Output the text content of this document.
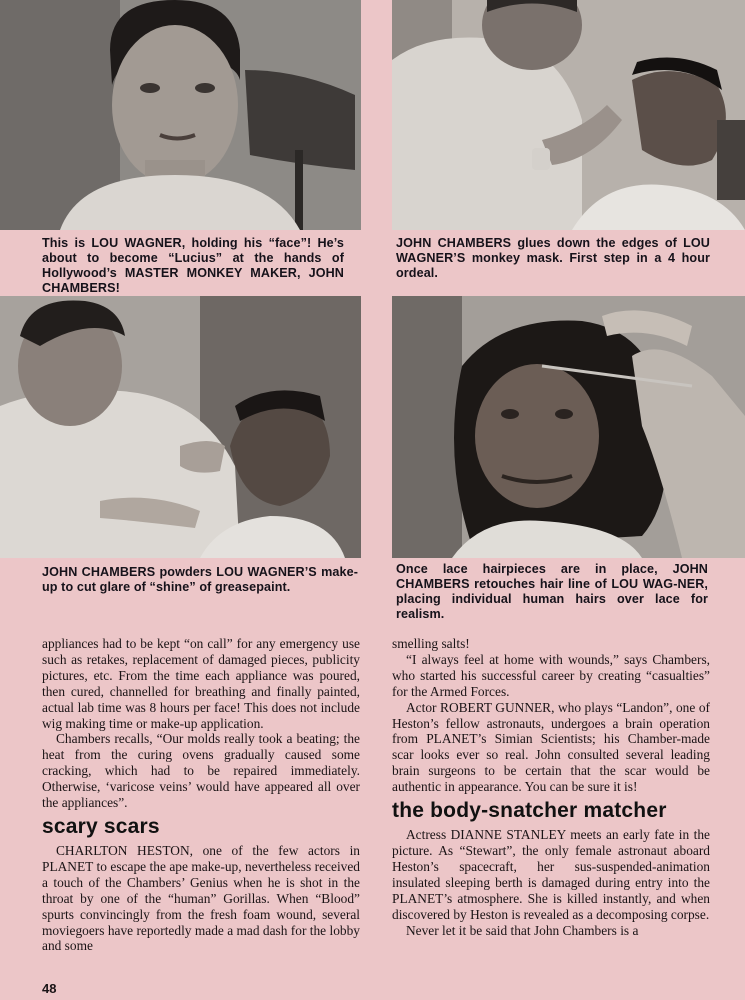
This is LOU WAGNER, holding his “face”! He’s about to become “Lucius” at the hands of Hollywood’s MASTER MONKEY MAKER, JOHN CHAMBERS!
JOHN CHAMBERS glues down the edges of LOU WAGNER’S monkey mask. First step in a 4 hour ordeal.
JOHN CHAMBERS powders LOU WAGNER’S make-up to cut glare of “shine” of greasepaint.
Once lace hairpieces are in place, JOHN CHAMBERS retouches hair line of LOU WAG-NER, placing individual human hairs over lace for realism.

appliances had to be kept “on call” for any emergency use such as retakes, replacement of damaged pieces, publicity pictures, etc. From the time each appliance was poured, then cured, channelled for breathing and finally painted, actual lab time was 8 hours per face! This does not include wig making time or make-up application.

Chambers recalls, “Our molds really took a beating; the heat from the curing ovens gradually caused some cracking, which had to be repaired immediately. Otherwise, ‘varicose veins’ would have appeared all over the appliances”.

scary scars

CHARLTON HESTON, one of the few actors in PLANET to escape the ape make-up, nevertheless received a touch of the Chambers’ Genius when he is shot in the throat by one of the “human” Gorillas. When “Blood” spurts convincingly from the fresh foam wound, several moviegoers have reportedly made a mad dash for the lobby and some

smelling salts!

“I always feel at home with wounds,” says Chambers, who started his successful career by creating “casualties” for the Armed Forces.

Actor ROBERT GUNNER, who plays “Landon”, one of Heston’s fellow astronauts, undergoes a brain operation from PLANET’s Simian Scientists; his Chamber-made scar looks ever so real. John consulted several leading brain surgeons to be certain that the scar would be authentic in appearance. You can be sure it is!

the body-snatcher matcher

Actress DIANNE STANLEY meets an early fate in the picture. As “Stewart”, the only female astronaut aboard Heston’s spacecraft, her sus-suspended-animation insulated sleeping berth is damaged during entry into the PLANET’s atmosphere. She is killed instantly, and when discovered by Heston is revealed as a decomposing corpse.

Never let it be said that John Chambers is a

48
